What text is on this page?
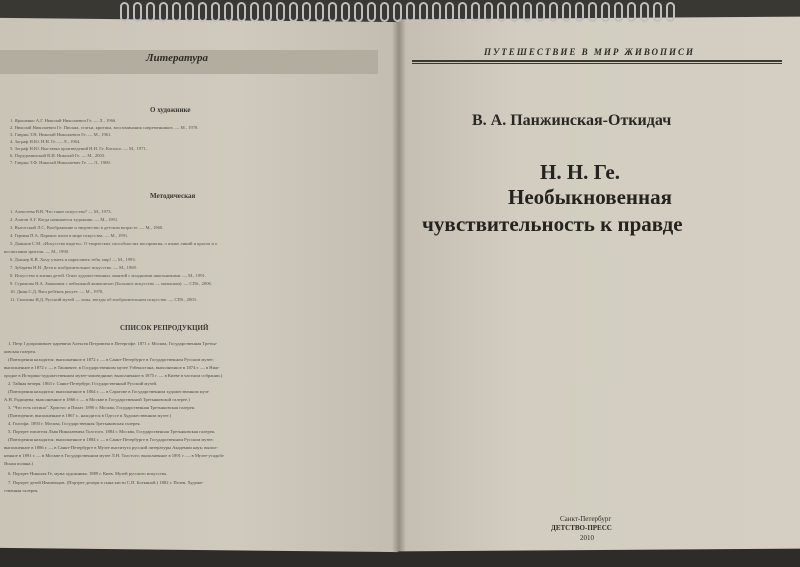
Литература
О художнике
1. Ярошенко А.Г. Николай Николаевич Ге. — Л., 1966.
2. Николай Николаевич Ге. Письма, статьи, критика, воспоминания современников. — М., 1978.
3. Гаврин Т.Н. Николай Николаевич Ге. — М., 1961.
4. Зограф Н.Ю. Н.Н. Ге. — Л., 1964.
5. Зограф Н.Ю. Выставка произведений Н.Н. Ге. Каталог. — М., 1971.
6. Порудоминский В.И. Николай Ге. — М., 2003.
7. Гаврин Т.Ф. Николай Николаевич Ге. — Л., 1969.
Методическая
1. Алексеева В.В. Что такое искусство? — М., 1973.
2. Азатов А.Г. Когда начинается художник. — М., 1991.
3. Выготский Л.С. Воображение и творчество в детском возрасте. — М., 1960.
4. Гермин П.А. Паренис шаги в мире искусства. — М., 1991.
5. Даньков С.М. «Искусство видеть». О творческих способностях восприятия, о языке линий и красок и о
воспитании зрителя. — М., 1990.
6. Доннер К.В. Хочу узнать и нарисовать тебя, мир! — М., 1993.
7. Зубарева Н.Н. Дети и изобразительное искусство. — М., 1969.
8. Искусство в жизни детей. Опыт художественных занятий с младшими школьниками. — М., 1991.
9. Стрижова Н.А. Знакомим с пейзажной живописью (Большое искусство — малышам). — СПб., 2006.
10. Днин С.Д. Ваш ребёнок рисует. — М., 1978.
11. Смолина И.Д. Русский музей — залы, звезды об изобразительном искусстве. — СПб., 2003.
СПИСОК РЕПРОДУКЦИЙ
1. Петр I допрашивает царевича Алексея Петровича в Петергофе. 1871 г. Москва, Государственная Третья-
ковская галерея.
(Повторения находятся: выполненное в 1872 г. — в Санкт-Петербурге в Государственном Русском музее;
выполненное в 1872 г. — в Ташкенте, в Государственном музее Узбекистана, выполненное в 1874 г. — в Ниж-
ородке в Историко-художественном музее-заповеднике; выполненное в 1875 г. — в Киеве в частном собрании.)
2. Тайная вечеря. 1863 г. Санкт-Петербург, Государственный Русский музей.
(Повторения находятся: выполненное в 1864 г. — в Саратове в Государственном художественном музе
А.Н. Радищева; выполненное в 1866 г. — в Москве в Государственной Третьяковской галерее.)
3. "Что есть истина". Христос и Пилат. 1890 г. Москва, Государственная Третьяковская галерея.
(Повторение, выполненное в 1867 г., находится в Одессе в Художественном музее.)
4. Голгофа. 1893 г. Москва, Государственная Третьяковская галерея.
5. Портрет писателя Льва Николаевича Толстого. 1884 г. Москва, Государственная Третьяковская галерея.
(Повторения находятся: выполненное в 1884 г. — в Санкт-Петербурге в Государственном Русском музее;
выполненное в 1886 г. — в Санкт-Петербурге в Музее института русской литературы Академии наук; выпол-
ненное в 1891 г. — в Москве в Государственном музее Л.Н. Толстого; выполненное в 1891 г. — в Музее-усадьбе
Ясная поляна.)
6. Портрет Николая Ге, мужа художника. 1889 г. Киев. Музей русского искусства.
7. Портрет детей Ивашенцов. (Портрет дочери в сына кисти С.П. Боткиной.) 1882 г. Пелев, Художе-
ственная галерея.
ПУТЕШЕСТВИЕ В МИР ЖИВОПИСИ
В. А. Панжинская-Откидач
Н. Н. Ге.
Необыкновенная
чувствительность к правде
Санкт-Петербург
ДЕТСТВО-ПРЕСС
2010
